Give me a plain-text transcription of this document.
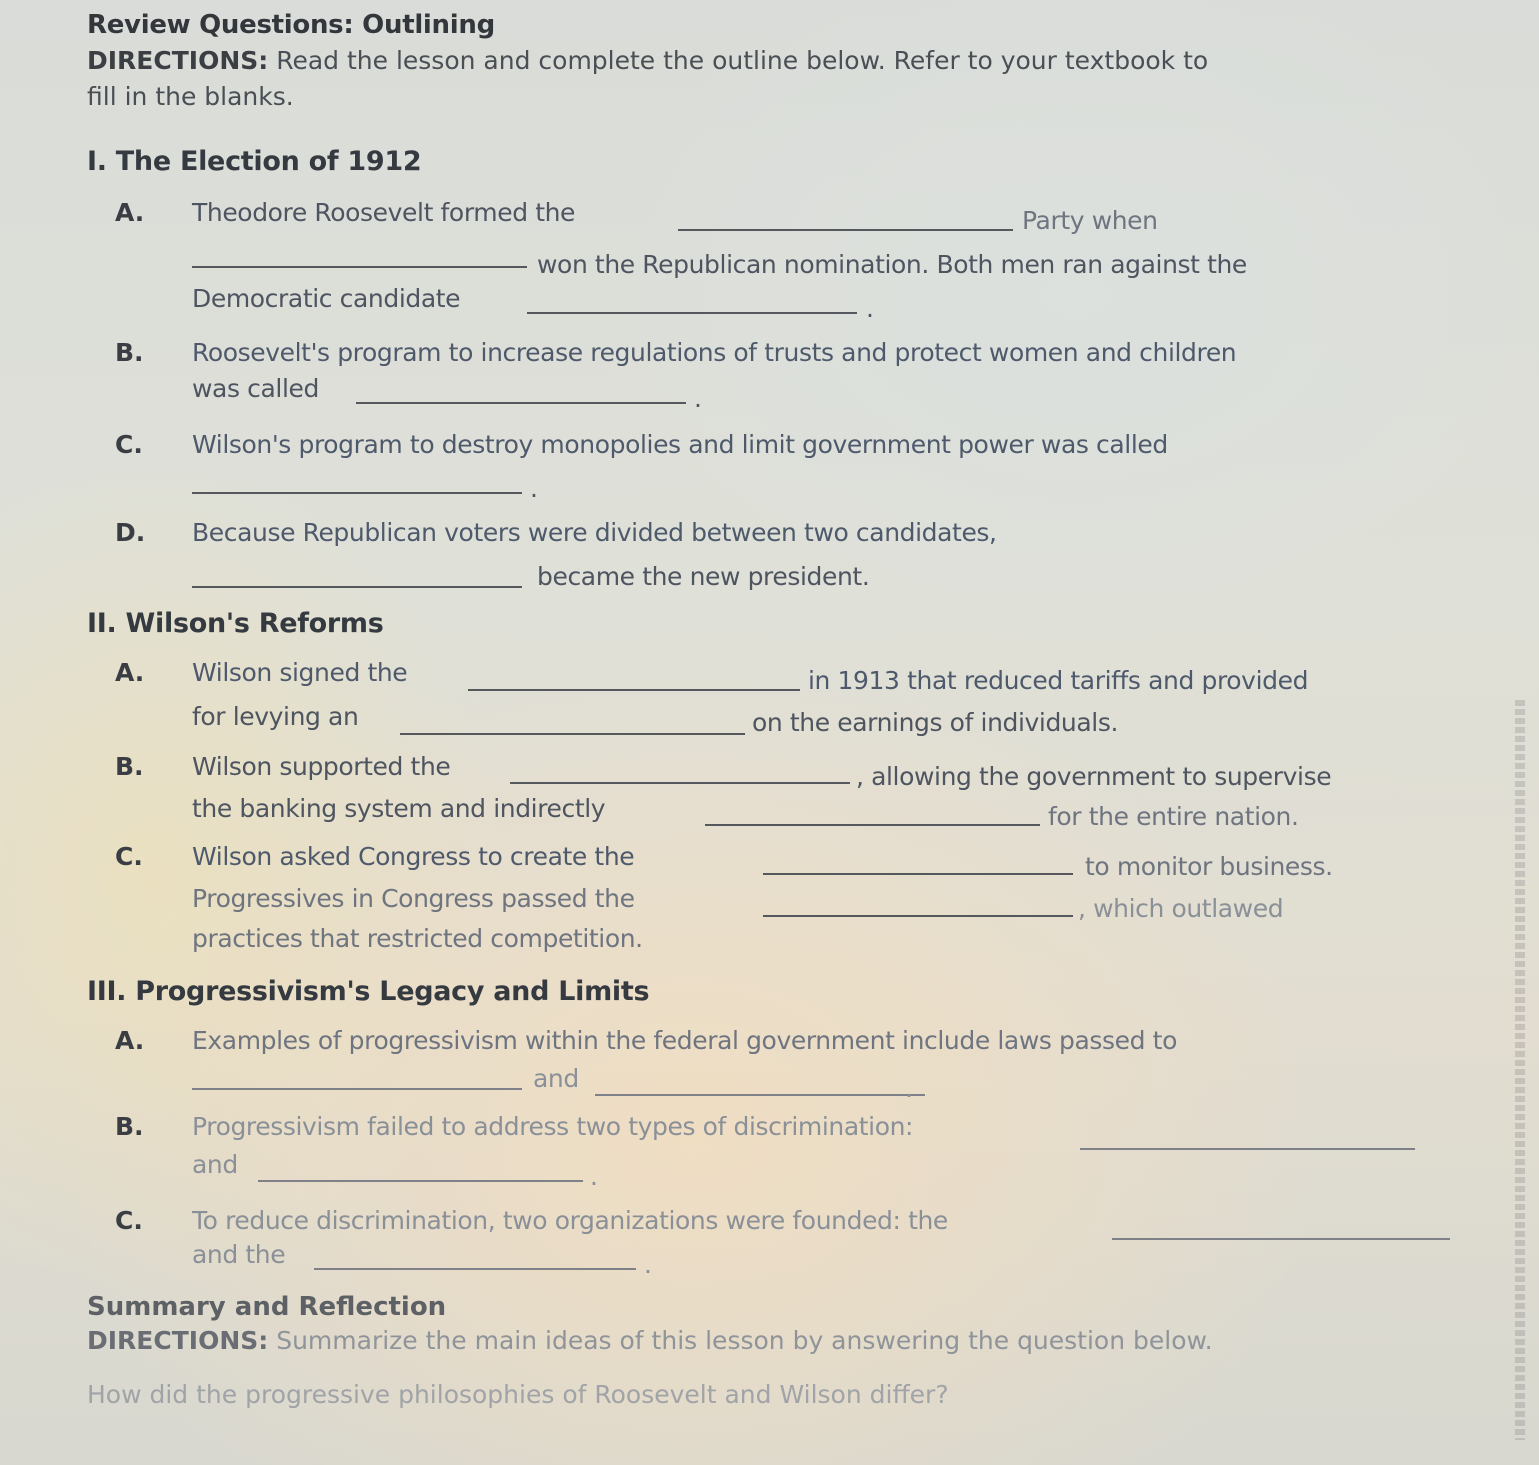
Review Questions: Outlining
DIRECTIONS: Read the lesson and complete the outline below. Refer to your textbook to
fill in the blanks.
I. The Election of 1912
A. Theodore Roosevelt formed the	Party when
won the Republican nomination. Both men ran against the
Democratic candidate	.
B. Roosevelt's program to increase regulations of trusts and protect women and children
was called	.
C. Wilson's program to destroy monopolies and limit government power was called
.
D. Because Republican voters were divided between two candidates,
became the new president.
II. Wilson's Reforms
A. Wilson signed the	in 1913 that reduced tariffs and provided
for levying an	on the earnings of individuals.
B. Wilson supported the	, allowing the government to supervise
the banking system and indirectly	for the entire nation.
C. Wilson asked Congress to create the	to monitor business.
Progressives in Congress passed the	, which outlawed
practices that restricted competition.
III. Progressivism's Legacy and Limits
A. Examples of progressivism within the federal government include laws passed to
and	.
B. Progressivism failed to address two types of discrimination:
and	.
C. To reduce discrimination, two organizations were founded: the
and the	.
Summary and Reflection
DIRECTIONS: Summarize the main ideas of this lesson by answering the question below.
How did the progressive philosophies of Roosevelt and Wilson differ?
